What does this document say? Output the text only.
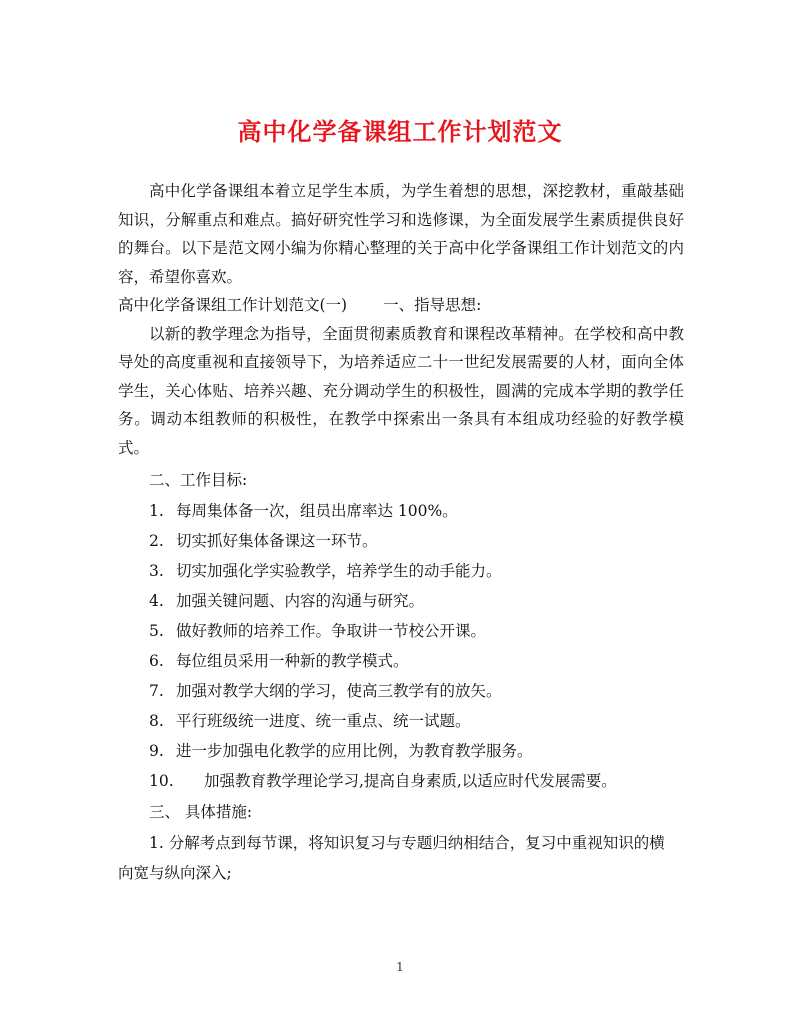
高中化学备课组工作计划范文

高中化学备课组本着立足学生本质，为学生着想的思想，深挖教材，重敲基础知识，分解重点和难点。搞好研究性学习和选修课，为全面发展学生素质提供良好的舞台。以下是范文网小编为你精心整理的关于高中化学备课组工作计划范文的内容，希望你喜欢。

高中化学备课组工作计划范文(一) 一、指导思想:

以新的教学理念为指导，全面贯彻素质教育和课程改革精神。在学校和高中教导处的高度重视和直接领导下，为培养适应二十一世纪发展需要的人材，面向全体学生，关心体贴、培养兴趣、充分调动学生的积极性，圆满的完成本学期的教学任务。调动本组教师的积极性，在教学中探索出一条具有本组成功经验的好教学模式。

二、工作目标:

1. 每周集体备一次，组员出席率达 100%。
2. 切实抓好集体备课这一环节。
3. 切实加强化学实验教学，培养学生的动手能力。
4. 加强关键问题、内容的沟通与研究。
5. 做好教师的培养工作。争取讲一节校公开课。
6. 每位组员采用一种新的教学模式。
7. 加强对教学大纲的学习，使高三教学有的放矢。
8. 平行班级统一进度、统一重点、统一试题。
9. 进一步加强电化教学的应用比例，为教育教学服务。
10. 加强教育教学理论学习,提高自身素质,以适应时代发展需要。

三、 具体措施:

1. 分解考点到每节课，将知识复习与专题归纳相结合，复习中重视知识的横
向宽与纵向深入;

1
